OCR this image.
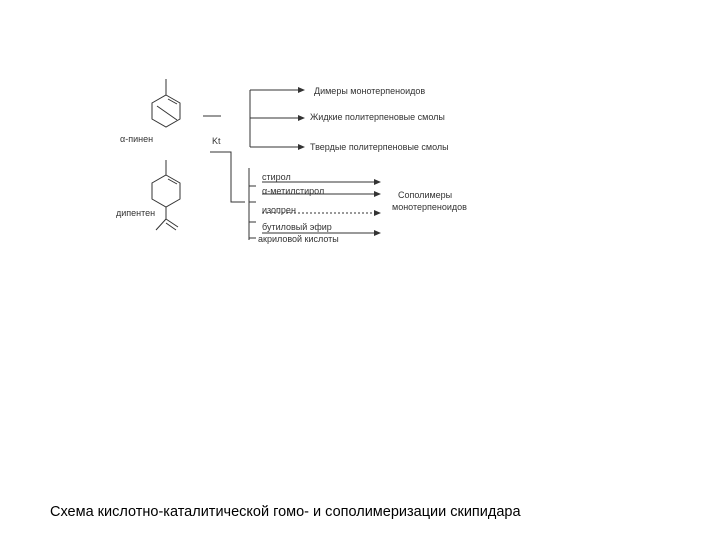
α-пинен
дипентен
Kt
Димеры монотерпеноидов
Жидкие политерпеновые смолы
Твердые политерпеновые смолы
стирол
α-метилстирол
изопрен
бутиловый эфир
акриловой кислоты
Сополимеры
монотерпеноидов
Схема кислотно-каталитической гомо- и сополимеризации скипидара
